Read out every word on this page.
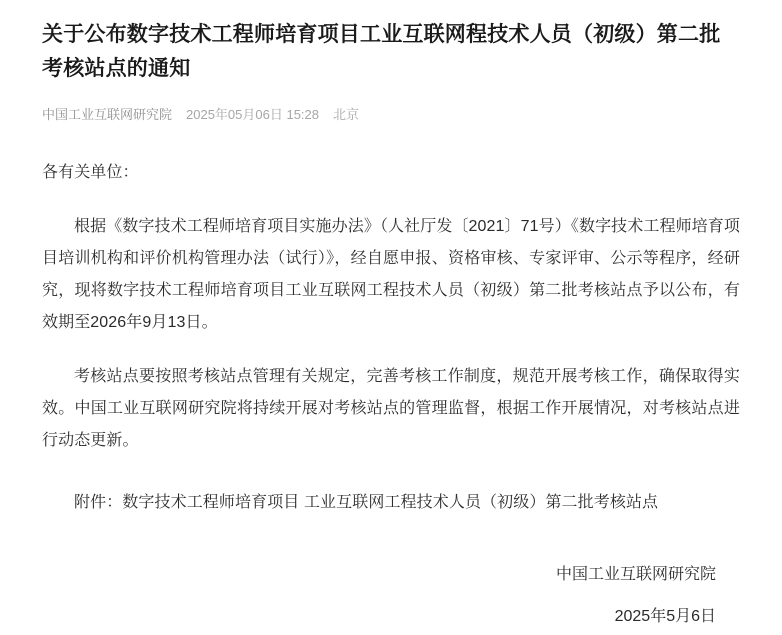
关于公布数字技术工程师培育项目工业互联网程技术人员（初级）第二批考核站点的通知
中国工业互联网研究院 2025年05月06日 15:28 北京

各有关单位：

根据《数字技术工程师培育项目实施办法》（人社厅发〔2021〕71号）《数字技术工程师培育项目培训机构和评价机构管理办法（试行）》，经自愿申报、资格审核、专家评审、公示等程序，经研究，现将数字技术工程师培育项目工业互联网工程技术人员（初级）第二批考核站点予以公布，有效期至2026年9月13日。

考核站点要按照考核站点管理有关规定，完善考核工作制度，规范开展考核工作，确保取得实效。中国工业互联网研究院将持续开展对考核站点的管理监督，根据工作开展情况，对考核站点进行动态更新。

附件：数字技术工程师培育项目 工业互联网工程技术人员（初级）第二批考核站点

中国工业互联网研究院

2025年5月6日
